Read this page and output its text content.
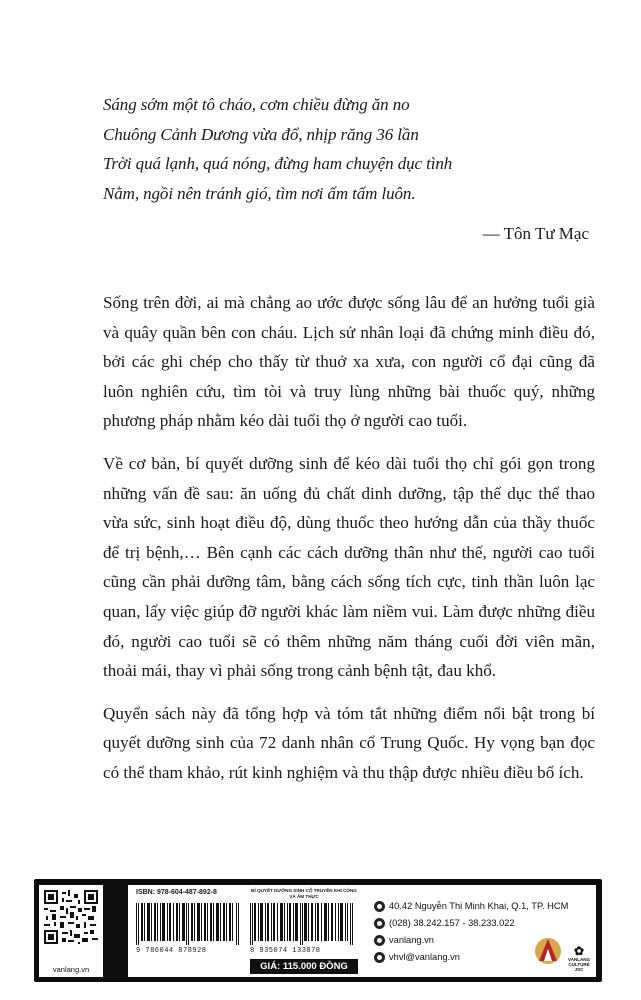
Sáng sớm một tô cháo, cơm chiều đừng ăn no
Chuông Cảnh Dương vừa đổ, nhịp răng 36 lần
Trời quá lạnh, quá nóng, đừng ham chuyện dục tình
Nằm, ngồi nên tránh gió, tìm nơi ấm tấm luôn.
— Tôn Tư Mạc

Sống trên đời, ai mà chẳng ao ước được sống lâu để an hưởng tuổi già và quây quần bên con cháu. Lịch sử nhân loại đã chứng minh điều đó, bởi các ghi chép cho thấy từ thuở xa xưa, con người cổ đại cũng đã luôn nghiên cứu, tìm tòi và truy lùng những bài thuốc quý, những phương pháp nhằm kéo dài tuổi thọ ở người cao tuổi.

Về cơ bản, bí quyết dưỡng sinh để kéo dài tuổi thọ chỉ gói gọn trong những vấn đề sau: ăn uống đủ chất dinh dưỡng, tập thể dục thể thao vừa sức, sinh hoạt điều độ, dùng thuốc theo hướng dẫn của thầy thuốc để trị bệnh,… Bên cạnh các cách dưỡng thân như thế, người cao tuổi cũng cần phải dưỡng tâm, bằng cách sống tích cực, tinh thần luôn lạc quan, lấy việc giúp đỡ người khác làm niềm vui. Làm được những điều đó, người cao tuổi sẽ có thêm những năm tháng cuối đời viên mãn, thoải mái, thay vì phải sống trong cảnh bệnh tật, đau khổ.

Quyển sách này đã tổng hợp và tóm tắt những điểm nổi bật trong bí quyết dưỡng sinh của 72 danh nhân cổ Trung Quốc. Hy vọng bạn đọc có thể tham khảo, rút kinh nghiệm và thu thập được nhiều điều bổ ích.

vanlang.vn
ISBN: 978-604-487-892-8	BÍ QUYẾT DƯỠNG SINH CỔ TRUYỀN KHI CÒNG VÀ ẨM THỰC
9 786044 878928	8 935074 133878
GIÁ: 115.000 ĐỒNG
40.42 Nguyễn Thị Minh Khai, Q.1, TP. HCM
(028) 38.242.157 - 38.233.022
vanlang.vn
vhvl@vanlang.vn	✿
VANLANG CULTURE JSC
